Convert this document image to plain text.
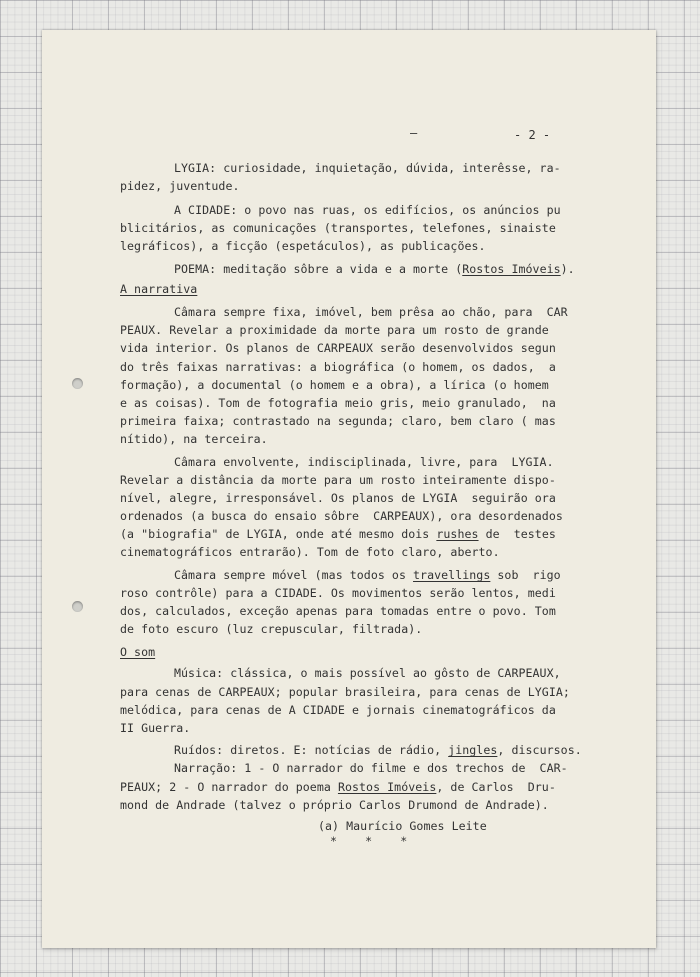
—	- 2 -
LYGIA: curiosidade, inquietação, dúvida, interêsse, ra-
pidez, juventude.
A CIDADE: o povo nas ruas, os edifícios, os anúncios pu
blicitários, as comunicações (transportes, telefones, sinaiste
legráficos), a ficção (espetáculos), as publicações.
POEMA: meditação sôbre a vida e a morte (Rostos Imóveis).
A narrativa
Câmara sempre fixa, imóvel, bem prêsa ao chão, para  CAR
PEAUX. Revelar a proximidade da morte para um rosto de grande
vida interior. Os planos de CARPEAUX serão desenvolvidos segun
do três faixas narrativas: a biográfica (o homem, os dados,  a
formação), a documental (o homem e a obra), a lírica (o homem
e as coisas). Tom de fotografia meio gris, meio granulado,  na
primeira faixa; contrastado na segunda; claro, bem claro ( mas
nítido), na terceira.
Câmara envolvente, indisciplinada, livre, para  LYGIA.
Revelar a distância da morte para um rosto inteiramente dispo-
nível, alegre, irresponsável. Os planos de LYGIA  seguirão ora
ordenados (a busca do ensaio sôbre  CARPEAUX), ora desordenados
(a "biografia" de LYGIA, onde até mesmo dois rushes de  testes
cinematográficos entrarão). Tom de foto claro, aberto.
Câmara sempre móvel (mas todos os travellings sob  rigo
roso contrôle) para a CIDADE. Os movimentos serão lentos, medi
dos, calculados, exceção apenas para tomadas entre o povo. Tom
de foto escuro (luz crepuscular, filtrada).
O som
Música: clássica, o mais possível ao gôsto de CARPEAUX,
para cenas de CARPEAUX; popular brasileira, para cenas de LYGIA;
melódica, para cenas de A CIDADE e jornais cinematográficos da
II Guerra.
Ruídos: diretos. E: notícias de rádio, jingles, discursos.
Narração: 1 - O narrador do filme e dos trechos de  CAR-
PEAUX; 2 - O narrador do poema Rostos Imóveis, de Carlos  Dru-
mond de Andrade (talvez o próprio Carlos Drumond de Andrade).
(a) Maurício Gomes Leite
*    *    *
